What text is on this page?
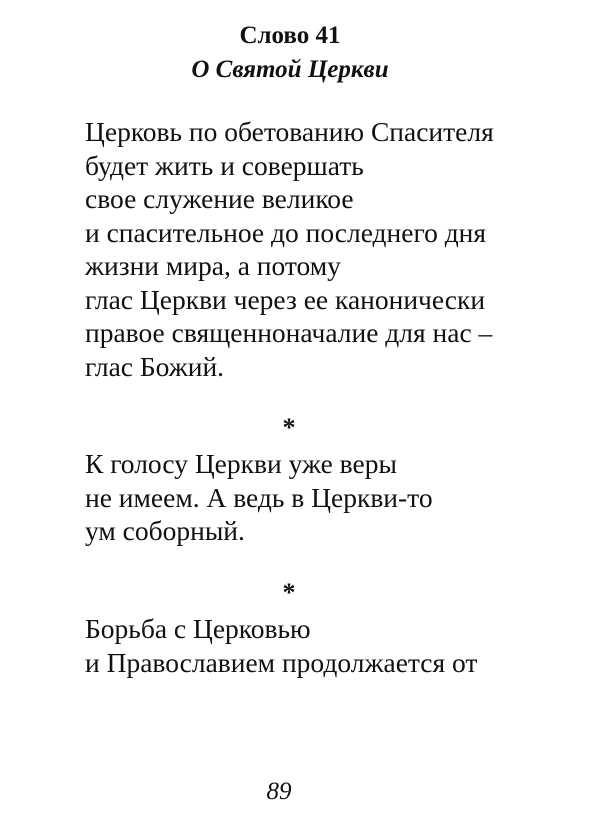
Слово 41
О Святой Церкви
Церковь по обетованию Спасителя
будет жить и совершать
свое служение великое
и спасительное до последнего дня
жизни мира, а потому
глас Церкви через ее канонически
правое священноначалие для нас –
глас Божий.
*
К голосу Церкви уже веры
не имеем. А ведь в Церкви-то
ум соборный.
*
Борьба с Церковью
и Православием продолжается от
89
